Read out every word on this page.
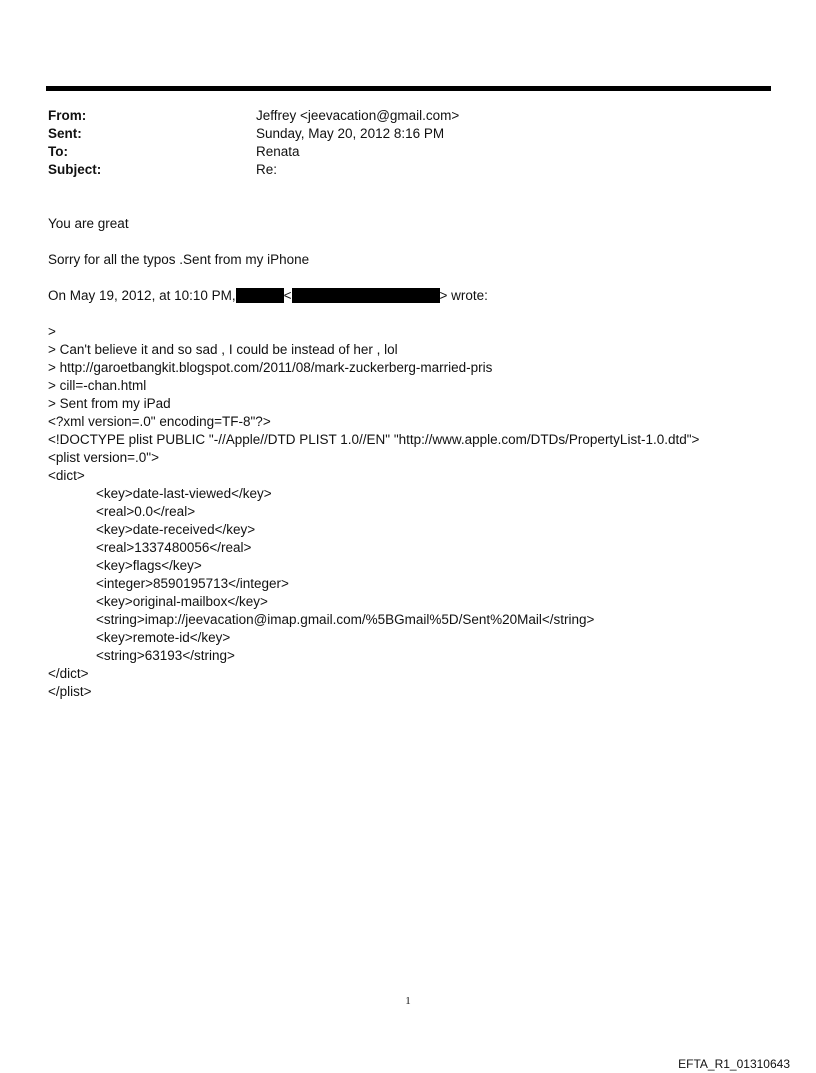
From:	Jeffrey <jeevacation@gmail.com>
Sent:	Sunday, May 20, 2012 8:16 PM
To:	Renata
Subject:	Re:
You are great
Sorry for all the typos .Sent from my iPhone
On May 19, 2012, at 10:10 PM,	<	> wrote:
>
> Can't believe it and so sad , I could be instead of her , lol
> http://garoetbangkit.blogspot.com/2011/08/mark-zuckerberg-married-pris
> cill=-chan.html
> Sent from my iPad
<?xml version=.0" encoding=TF-8"?>
<!DOCTYPE plist PUBLIC "-//Apple//DTD PLIST 1.0//EN" "http://www.apple.com/DTDs/PropertyList-1.0.dtd">
<plist version=.0">
<dict>
<key>date-last-viewed</key>
<real>0.0</real>
<key>date-received</key>
<real>1337480056</real>
<key>flags</key>
<integer>8590195713</integer>
<key>original-mailbox</key>
<string>imap://jeevacation@imap.gmail.com/%5BGmail%5D/Sent%20Mail</string>
<key>remote-id</key>
<string>63193</string>
</dict>
</plist>
1
EFTA_R1_01310643
